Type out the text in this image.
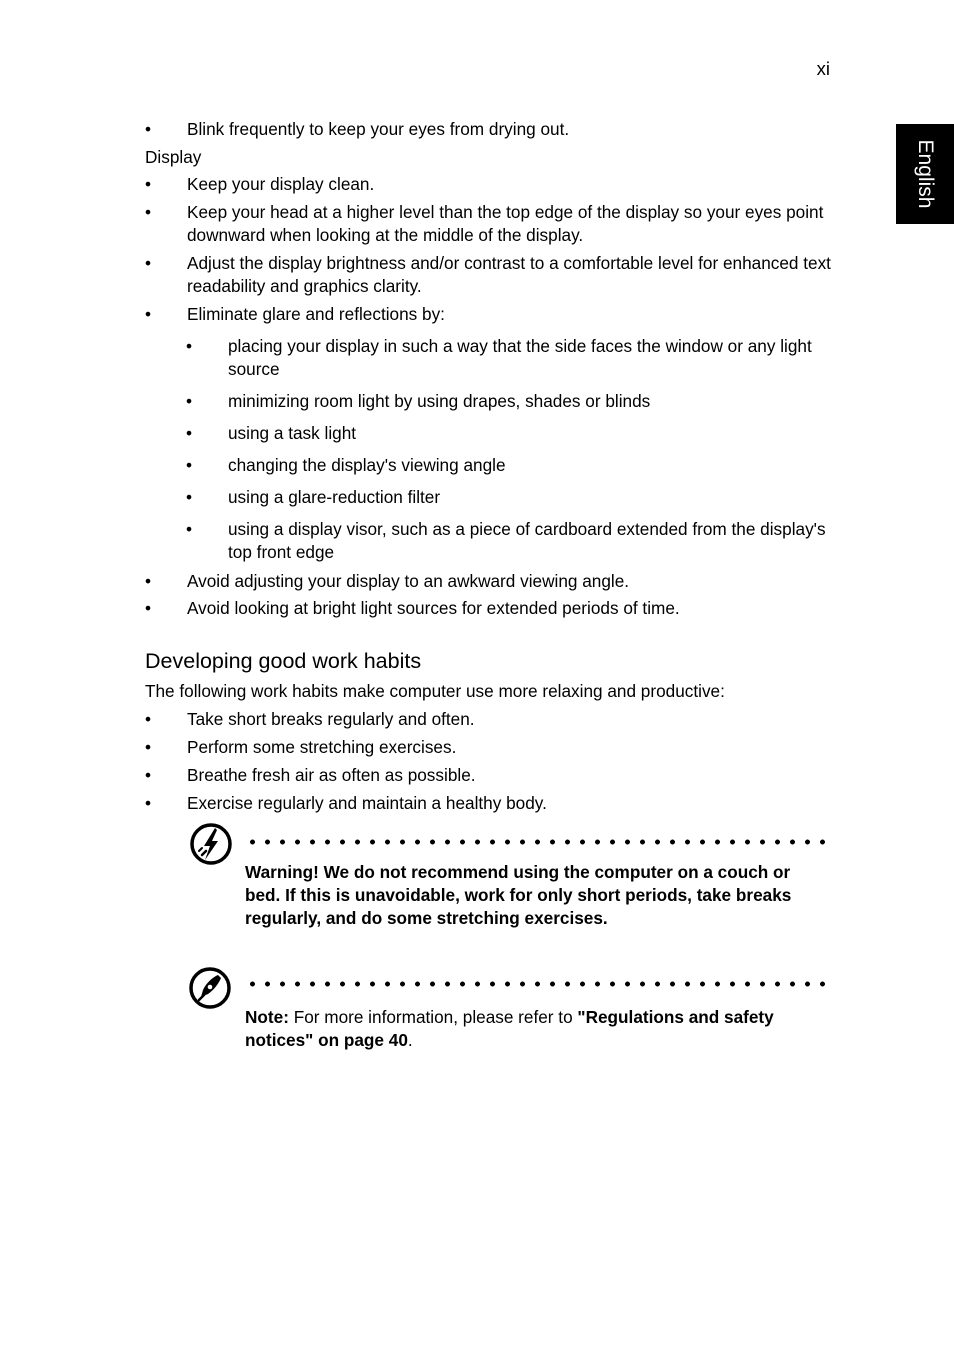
xi
English
• Blink frequently to keep your eyes from drying out.
Display
• Keep your display clean.
• Keep your head at a higher level than the top edge of the display so your eyes point downward when looking at the middle of the display.
• Adjust the display brightness and/or contrast to a comfortable level for enhanced text readability and graphics clarity.
• Eliminate glare and reflections by:
• placing your display in such a way that the side faces the window or any light source
• minimizing room light by using drapes, shades or blinds
• using a task light
• changing the display's viewing angle
• using a glare-reduction filter
• using a display visor, such as a piece of cardboard extended from the display's top front edge
• Avoid adjusting your display to an awkward viewing angle.
• Avoid looking at bright light sources for extended periods of time.
Developing good work habits
The following work habits make computer use more relaxing and productive:
• Take short breaks regularly and often.
• Perform some stretching exercises.
• Breathe fresh air as often as possible.
• Exercise regularly and maintain a healthy body.
Warning! We do not recommend using the computer on a couch or bed. If this is unavoidable, work for only short periods, take breaks regularly, and do some stretching exercises.
Note: For more information, please refer to "Regulations and safety notices" on page 40.
